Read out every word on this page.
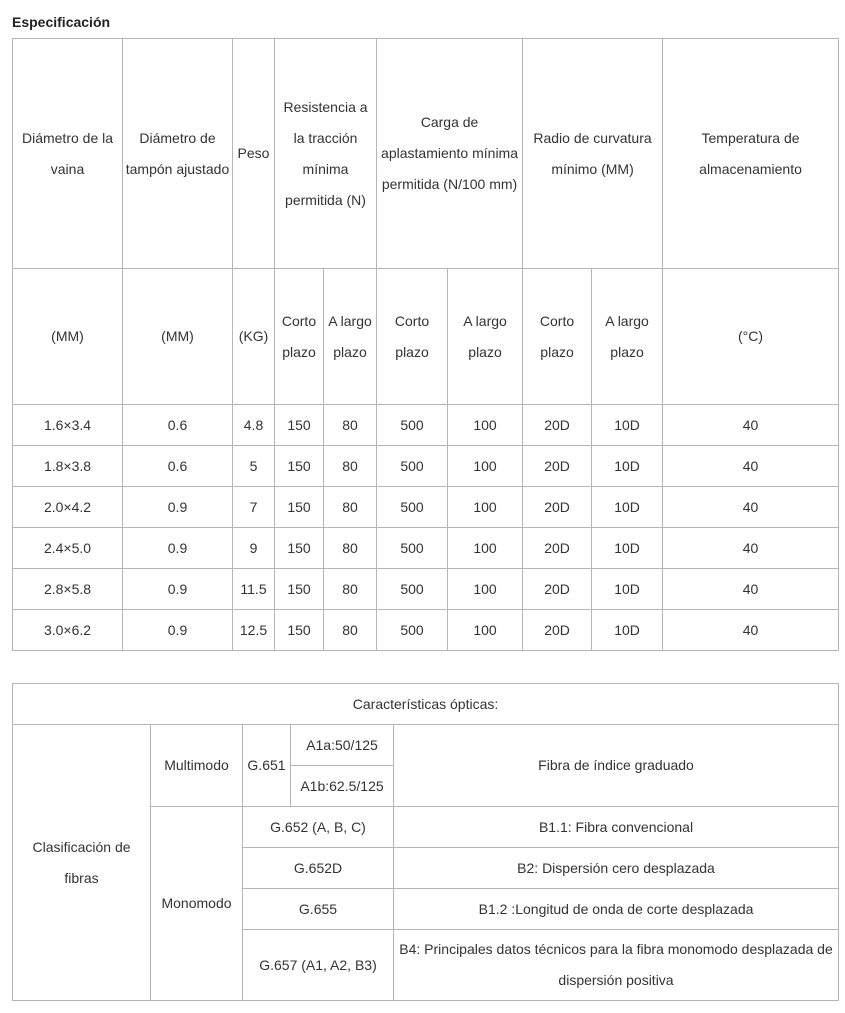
Especificación
Diámetro de la vaina	Diámetro de tampón ajustado	Peso	Resistencia a la tracción mínima permitida (N)		Carga de aplastamiento mínima permitida (N/100 mm)		Radio de curvatura mínimo (MM)		Temperatura de almacenamiento
(MM)	(MM)	(KG)	Corto plazo	A largo plazo	Corto plazo	A largo plazo	Corto plazo	A largo plazo	(°C)
1.6×3.4	0.6	4.8	150	80	500	100	20D	10D	40
1.8×3.8	0.6	5	150	80	500	100	20D	10D	40
2.0×4.2	0.9	7	150	80	500	100	20D	10D	40
2.4×5.0	0.9	9	150	80	500	100	20D	10D	40
2.8×5.8	0.9	11.5	150	80	500	100	20D	10D	40
3.0×6.2	0.9	12.5	150	80	500	100	20D	10D	40
Características ópticas:				
Clasificación de fibras	Multimodo	G.651	A1a:50/125	Fibra de índice graduado
			A1b:62.5/125	
	Monomodo	G.652 (A, B, C)		B1.1: Fibra convencional
		G.652D		B2: Dispersión cero desplazada
		G.655		B1.2 :Longitud de onda de corte desplazada
		G.657 (A1, A2, B3)		B4: Principales datos técnicos para la fibra monomodo desplazada de dispersión positiva
